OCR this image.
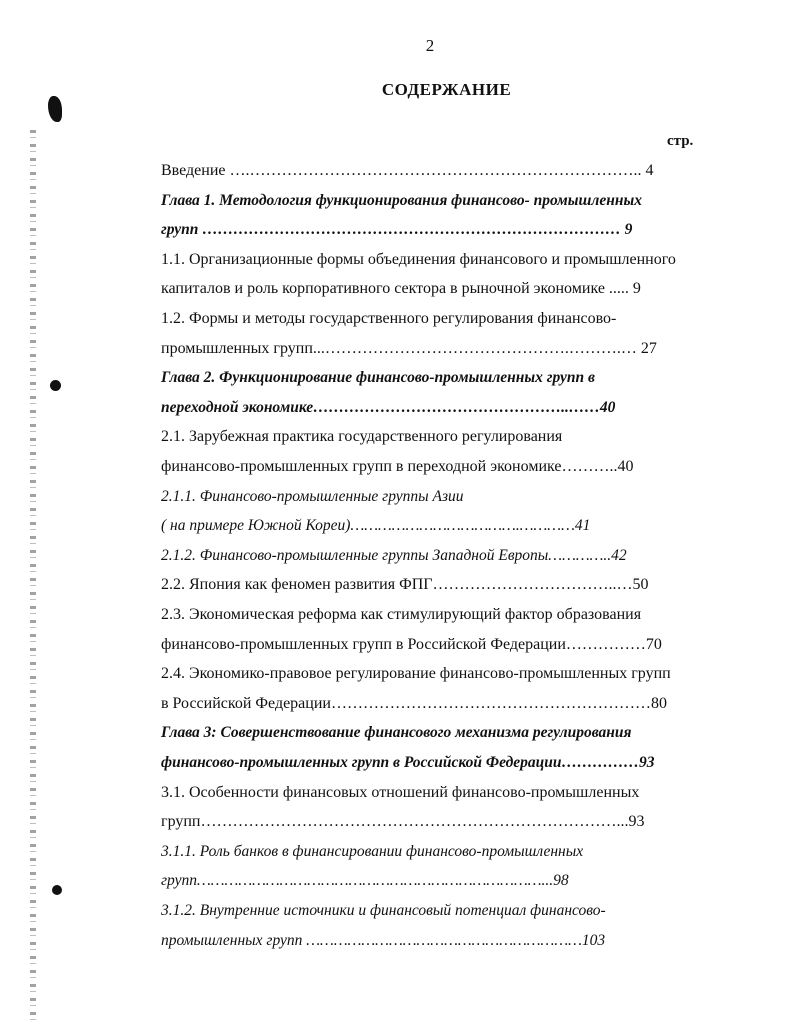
2
СОДЕРЖАНИЕ
стр.
Введение ….……………………………………………………………….. 4
Глава 1. Методология функционирования финансово- промышленных
групп ……………………………………………………………………… 9
1.1. Организационные формы объединения финансового и промышленного
капиталов и роль корпоративного сектора в рыночной экономике ..... 9
1.2. Формы и методы государственного регулирования финансово-
промышленных групп...……………………………………….……….… 27
Глава 2. Функционирование финансово-промышленных групп в
переходной экономике…………………………………………..……40
2.1. Зарубежная практика государственного регулирования
финансово-промышленных групп в переходной экономике………..40
2.1.1. Финансово-промышленные группы Азии
( на примере Южной Кореи)……………………………….…………41
2.1.2. Финансово-промышленные группы Западной Европы…………..42
2.2. Япония как феномен развития ФПГ……………………………..…50
2.3. Экономическая реформа как стимулирующий фактор образования
финансово-промышленных групп в Российской Федерации……………70
2.4. Экономико-правовое регулирование финансово-промышленных групп
в Российской Федерации……………………………………………………80
Глава 3: Совершенствование финансового механизма регулирования
финансово-промышленных групп в Российской Федерации……………93
3.1. Особенности финансовых отношений финансово-промышленных
групп……………………………………………………………………...93
3.1.1. Роль банков в финансировании финансово-промышленных
групп…………………………………………………………………...98
3.1.2. Внутренние источники и финансовый потенциал финансово-
промышленных групп ……………………………………………………103
